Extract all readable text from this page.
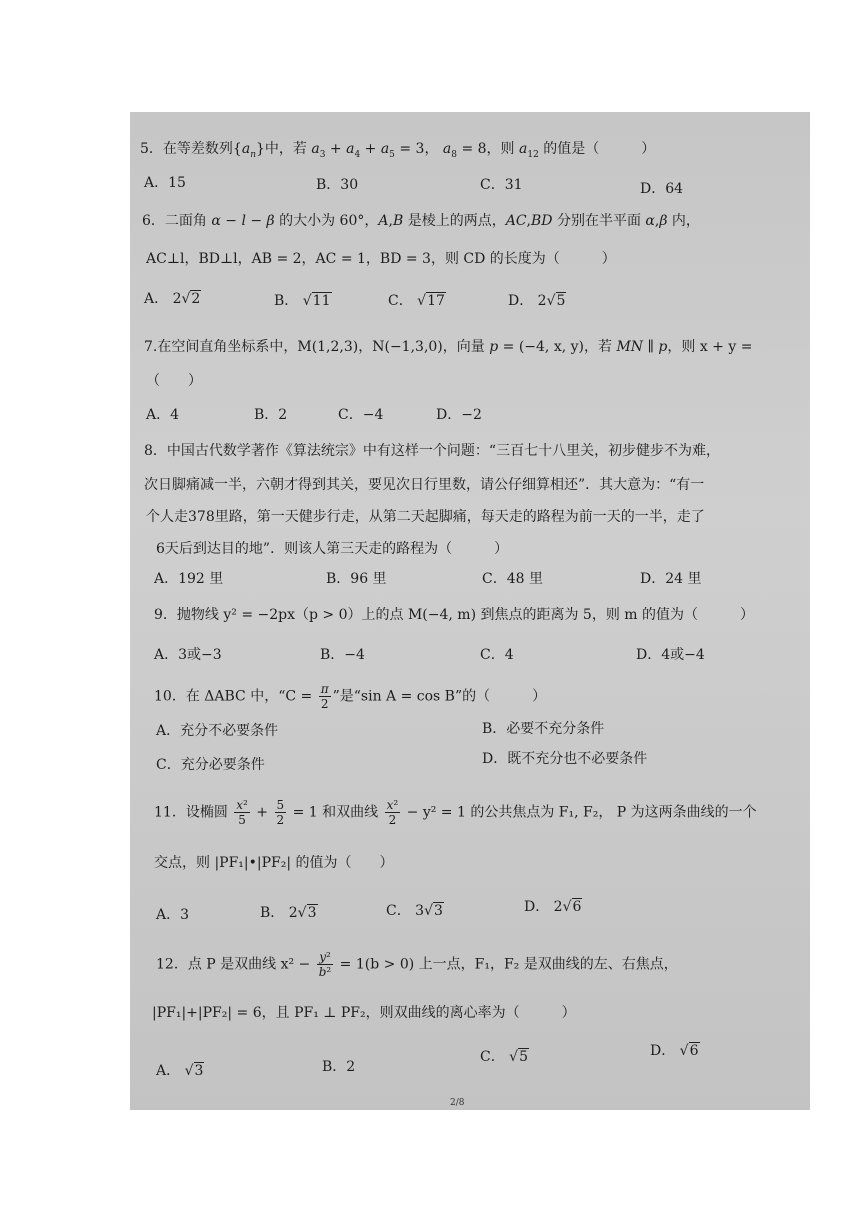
5．在等差数列$\{a_n\}$中，若 $a_3 + a_4 + a_5 = 3$， $a_8 = 8$，则 $a_{12}$ 的值是（　　　）
A．15	B．30	C．31	D．64
6．二面角 α − l − β 的大小为 60°，A,B 是棱上的两点，AC,BD 分别在半平面 α,β 内，
AC⊥l，BD⊥l，AB = 2，AC = 1，BD = 3，则 CD 的长度为（　　　）
A． 2√2	B． √11	C． √17	D． 2√5
7.在空间直角坐标系中，M(1,2,3)，N(−1,3,0)，向量 p = (−4, x, y)，若 MN ∥ p，则 x + y =
（　　）
A．4	B．2	C．−4	D．−2
8．中国古代数学著作《算法统宗》中有这样一个问题：“三百七十八里关，初步健步不为难，
次日脚痛减一半，六朝才得到其关，要见次日行里数，请公仔细算相还”．其大意为：“有一
个人走378里路，第一天健步行走，从第二天起脚痛，每天走的路程为前一天的一半，走了
6天后到达目的地”．则该人第三天走的路程为（　　　）
A．192 里	B．96 里	C．48 里	D．24 里
9．抛物线 y² = −2px（p > 0）上的点 M(−4, m) 到焦点的距离为 5，则 m 的值为（　　　）
A．3或−3	B．−4	C．4	D．4或−4
10．在 ΔABC 中，“$C = \frac{\pi}{2}$ ”是“sin A = cos B”的（　　　）
A．充分不必要条件	B．必要不充分条件
C．充分必要条件	D．既不充分也不必要条件
11．设椭圆 $\frac{\text{x²}}{5} + \frac{5}{2} = 1$ 和双曲线 $\frac{\text{x²}}{2} - y^2 = 1$ 的公共焦点为 F₁, F₂， P 为这两条曲线的一个
交点，则 |PF₁|•|PF₂| 的值为（　　）
A．3	B． 2√3	C． 3√3	D． 2√6
12．点 P 是双曲线 $x^2 - \frac{\text{y²}}{\text{b²}} = 1(b > 0)$ 上一点，F₁，F₂ 是双曲线的左、右焦点，
|PF₁|+|PF₂| = 6，且 PF₁ ⊥ PF₂，则双曲线的离心率为（　　　）
A． √3	B．2
C． √5	D． √6
2/8
